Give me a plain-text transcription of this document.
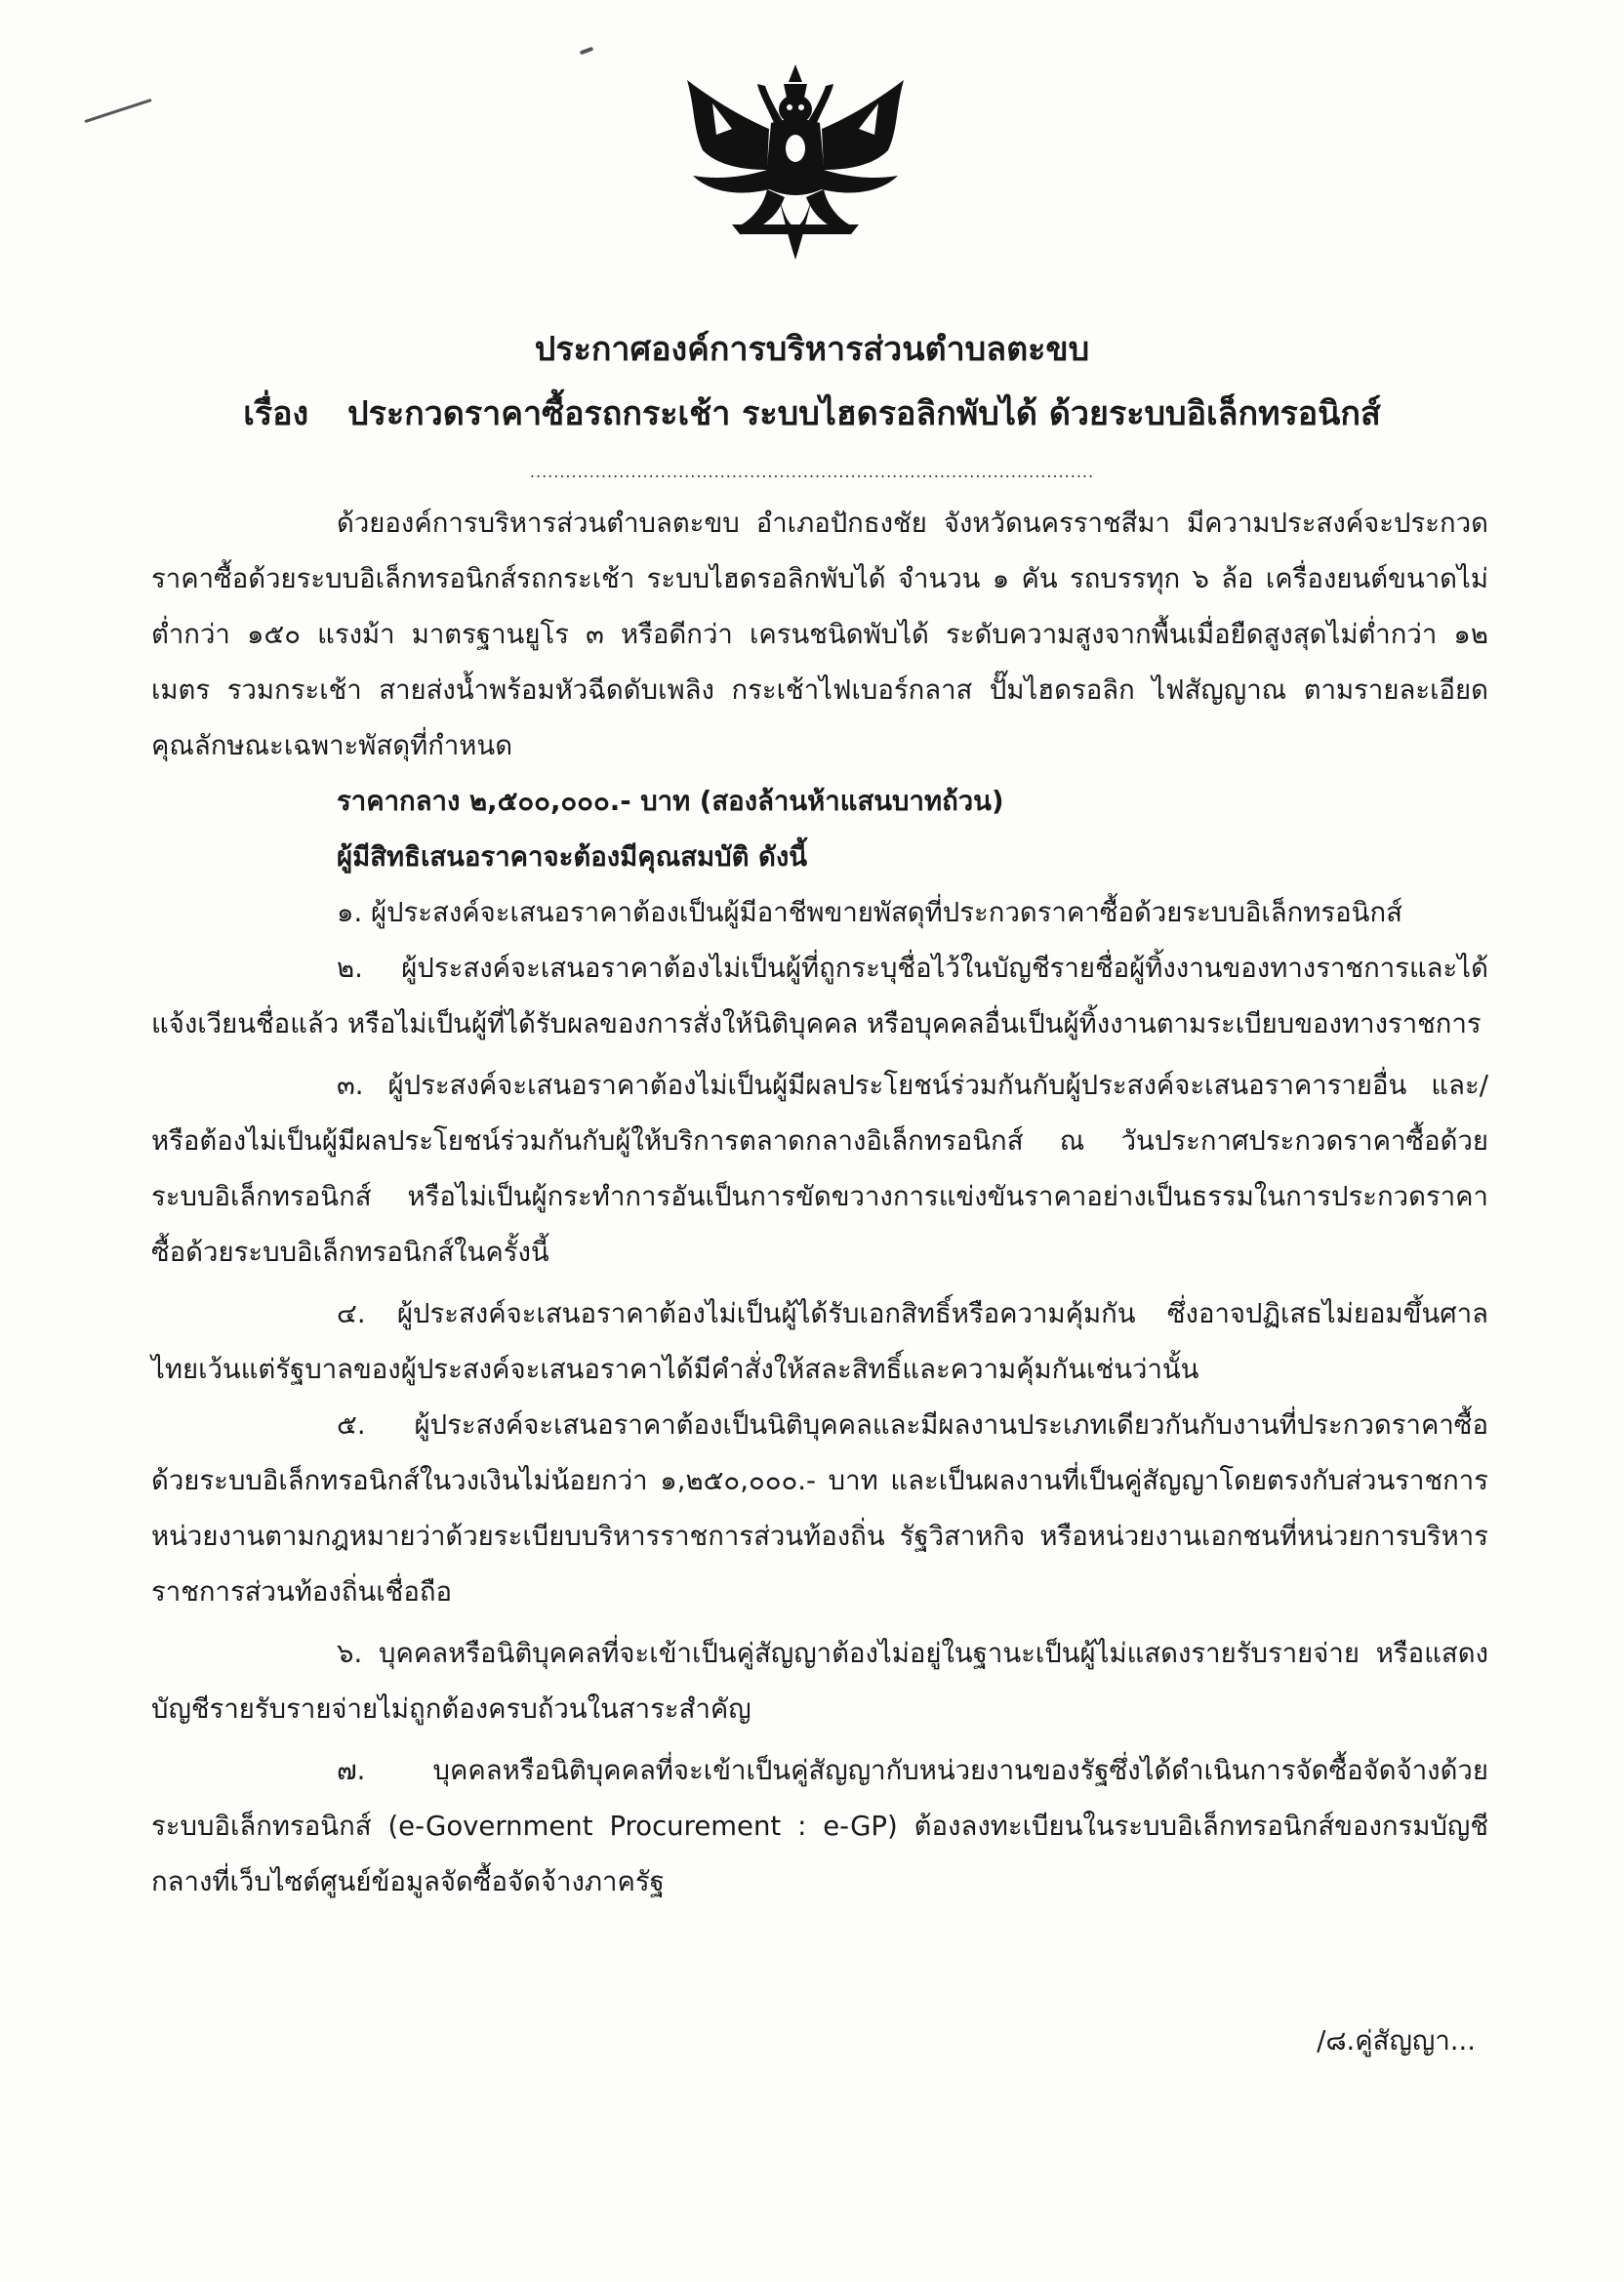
ประกาศองค์การบริหารส่วนตำบลตะขบ
เรื่อง ประกวดราคาซื้อรถกระเช้า ระบบไฮดรอลิกพับได้ ด้วยระบบอิเล็กทรอนิกส์
...............................................................................................

ด้วยองค์การบริหารส่วนตำบลตะขบ อำเภอปักธงชัย จังหวัดนครราชสีมา มีความประสงค์จะประกวดราคาซื้อด้วยระบบอิเล็กทรอนิกส์รถกระเช้า ระบบไฮดรอลิกพับได้ จำนวน ๑ คัน รถบรรทุก ๖ ล้อ เครื่องยนต์ขนาดไม่ต่ำกว่า ๑๕๐ แรงม้า มาตรฐานยูโร ๓ หรือดีกว่า เครนชนิดพับได้ ระดับความสูงจากพื้นเมื่อยืดสูงสุดไม่ต่ำกว่า ๑๒ เมตร รวมกระเช้า สายส่งน้ำพร้อมหัวฉีดดับเพลิง กระเช้าไฟเบอร์กลาส ปั๊มไฮดรอลิก ไฟสัญญาณ ตามรายละเอียดคุณลักษณะเฉพาะพัสดุที่กำหนด

ราคากลาง ๒,๕๐๐,๐๐๐.- บาท (สองล้านห้าแสนบาทถ้วน)

ผู้มีสิทธิเสนอราคาจะต้องมีคุณสมบัติ ดังนี้

๑. ผู้ประสงค์จะเสนอราคาต้องเป็นผู้มีอาชีพขายพัสดุที่ประกวดราคาซื้อด้วยระบบอิเล็กทรอนิกส์

๒. ผู้ประสงค์จะเสนอราคาต้องไม่เป็นผู้ที่ถูกระบุชื่อไว้ในบัญชีรายชื่อผู้ทิ้งงานของทางราชการและได้แจ้งเวียนชื่อแล้ว หรือไม่เป็นผู้ที่ได้รับผลของการสั่งให้นิติบุคคล หรือบุคคลอื่นเป็นผู้ทิ้งงานตามระเบียบของทางราชการ

๓. ผู้ประสงค์จะเสนอราคาต้องไม่เป็นผู้มีผลประโยชน์ร่วมกันกับผู้ประสงค์จะเสนอราคารายอื่น และ/หรือต้องไม่เป็นผู้มีผลประโยชน์ร่วมกันกับผู้ให้บริการตลาดกลางอิเล็กทรอนิกส์ ณ วันประกาศประกวดราคาซื้อด้วยระบบอิเล็กทรอนิกส์ หรือไม่เป็นผู้กระทำการอันเป็นการขัดขวางการแข่งขันราคาอย่างเป็นธรรมในการประกวดราคาซื้อด้วยระบบอิเล็กทรอนิกส์ในครั้งนี้

๔. ผู้ประสงค์จะเสนอราคาต้องไม่เป็นผู้ได้รับเอกสิทธิ์หรือความคุ้มกัน ซึ่งอาจปฏิเสธไม่ยอมขึ้นศาลไทยเว้นแต่รัฐบาลของผู้ประสงค์จะเสนอราคาได้มีคำสั่งให้สละสิทธิ์และความคุ้มกันเช่นว่านั้น

๕. ผู้ประสงค์จะเสนอราคาต้องเป็นนิติบุคคลและมีผลงานประเภทเดียวกันกับงานที่ประกวดราคาซื้อด้วยระบบอิเล็กทรอนิกส์ในวงเงินไม่น้อยกว่า ๑,๒๕๐,๐๐๐.- บาท และเป็นผลงานที่เป็นคู่สัญญาโดยตรงกับส่วนราชการ หน่วยงานตามกฎหมายว่าด้วยระเบียบบริหารราชการส่วนท้องถิ่น รัฐวิสาหกิจ หรือหน่วยงานเอกชนที่หน่วยการบริหารราชการส่วนท้องถิ่นเชื่อถือ

๖. บุคคลหรือนิติบุคคลที่จะเข้าเป็นคู่สัญญาต้องไม่อยู่ในฐานะเป็นผู้ไม่แสดงรายรับรายจ่าย หรือแสดงบัญชีรายรับรายจ่ายไม่ถูกต้องครบถ้วนในสาระสำคัญ

๗. บุคคลหรือนิติบุคคลที่จะเข้าเป็นคู่สัญญากับหน่วยงานของรัฐซึ่งได้ดำเนินการจัดซื้อจัดจ้างด้วยระบบอิเล็กทรอนิกส์ (e-Government Procurement : e-GP) ต้องลงทะเบียนในระบบอิเล็กทรอนิกส์ของกรมบัญชีกลางที่เว็บไซต์ศูนย์ข้อมูลจัดซื้อจัดจ้างภาครัฐ

/๘.คู่สัญญา...
